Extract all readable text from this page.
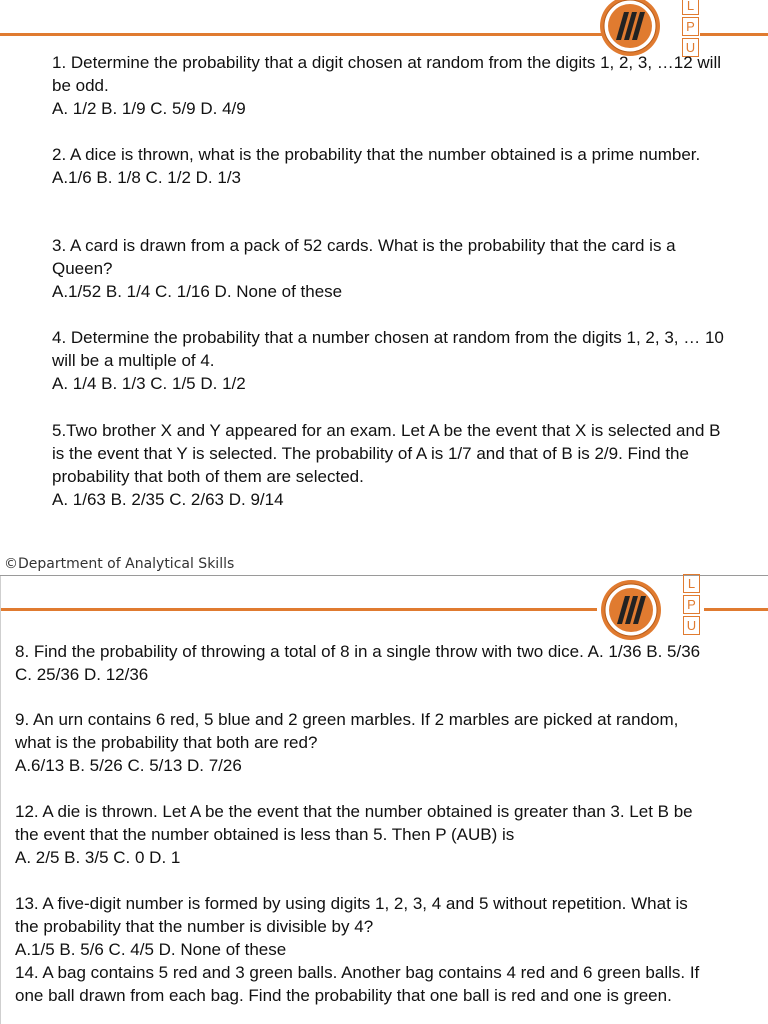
L
P
U

1. Determine the probability that a digit chosen at random from the digits 1, 2, 3, …12 will be odd.
A. 1/2 B. 1/9 C. 5/9 D. 4/9

2. A dice is thrown, what is the probability that the number obtained is a prime number.
A.1/6 B. 1/8 C. 1/2 D. 1/3

3. A card is drawn from a pack of 52 cards. What is the probability that the card is a Queen?
A.1/52 B. 1/4 C. 1/16 D. None of these

4. Determine the probability that a number chosen at random from the digits 1, 2, 3, … 10 will be a multiple of 4.
A. 1/4 B. 1/3 C. 1/5 D. 1/2

5.Two brother X and Y appeared for an exam. Let A be the event that X is selected and B is the event that Y is selected. The probability of A is 1/7 and that of B is 2/9. Find the probability that both of them are selected.
A. 1/63 B. 2/35 C. 2/63 D. 9/14

©Department of Analytical Skills
L
P
U

8. Find the probability of throwing a total of 8 in a single throw with two dice. A. 1/36 B. 5/36 C. 25/36 D. 12/36

9. An urn contains 6 red, 5 blue and 2 green marbles. If 2 marbles are picked at random, what is the probability that both are red?
A.6/13 B. 5/26 C. 5/13 D. 7/26

12. A die is thrown. Let A be the event that the number obtained is greater than 3. Let B be the event that the number obtained is less than 5. Then P (AUB) is
A. 2/5 B. 3/5 C. 0 D. 1

13. A five-digit number is formed by using digits 1, 2, 3, 4 and 5 without repetition. What is the probability that the number is divisible by 4?
A.1/5 B. 5/6 C. 4/5 D. None of these

14. A bag contains 5 red and 3 green balls. Another bag contains 4 red and 6 green balls. If one ball drawn from each bag. Find the probability that one ball is red and one is green.
